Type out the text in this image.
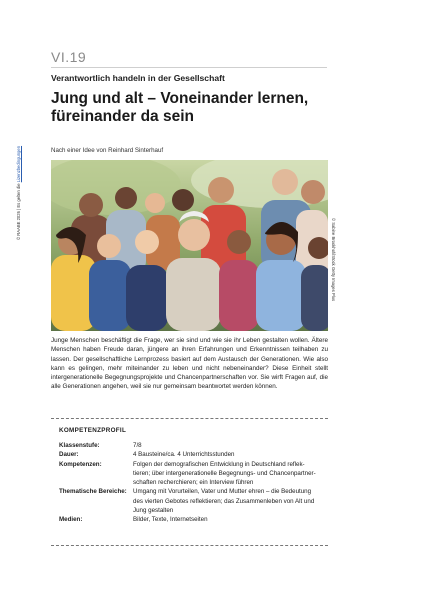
VI.19
Verantwortlich handeln in der Gesellschaft
Jung und alt – Voneinander lernen, füreinander da sein
Nach einer Idee von Reinhard Sinterhauf
© RAABE 2026 | Es gelten die Lizenzbedingungen
© Sabine Brookhof/iStock Getty Images Plus
Junge Menschen beschäftigt die Frage, wer sie sind und wie sie ihr Leben gestalten wollen. Ältere Menschen haben Freude daran, jüngere an ihren Erfahrungen und Erkenntnissen teilhaben zu lassen. Der gesellschaftliche Lernprozess basiert auf dem Austausch der Generationen. Wie also kann es gelingen, mehr miteinander zu leben und nicht nebeneinander? Diese Einheit stellt intergenerationelle Begegnungsprojekte und Chancenpartnerschaften vor. Sie wirft Fragen auf, die alle Generationen angehen, weil sie nur gemeinsam beantwortet werden können.
KOMPETENZPROFIL
Klassenstufe:	7/8
Dauer:	4 Bausteine/ca. 4 Unterrichtsstunden
Kompetenzen:	Folgen der demografischen Entwicklung in Deutschland reflek-
tieren; über intergenerationelle Begegnungs- und Chancenpartner-
schaften recherchieren; ein Interview führen
Thematische Bereiche:	Umgang mit Vorurteilen, Vater und Mutter ehren – die Bedeutung
des vierten Gebotes reflektieren; das Zusammenleben von Alt und
Jung gestalten
Medien:	Bilder, Texte, Internetseiten
